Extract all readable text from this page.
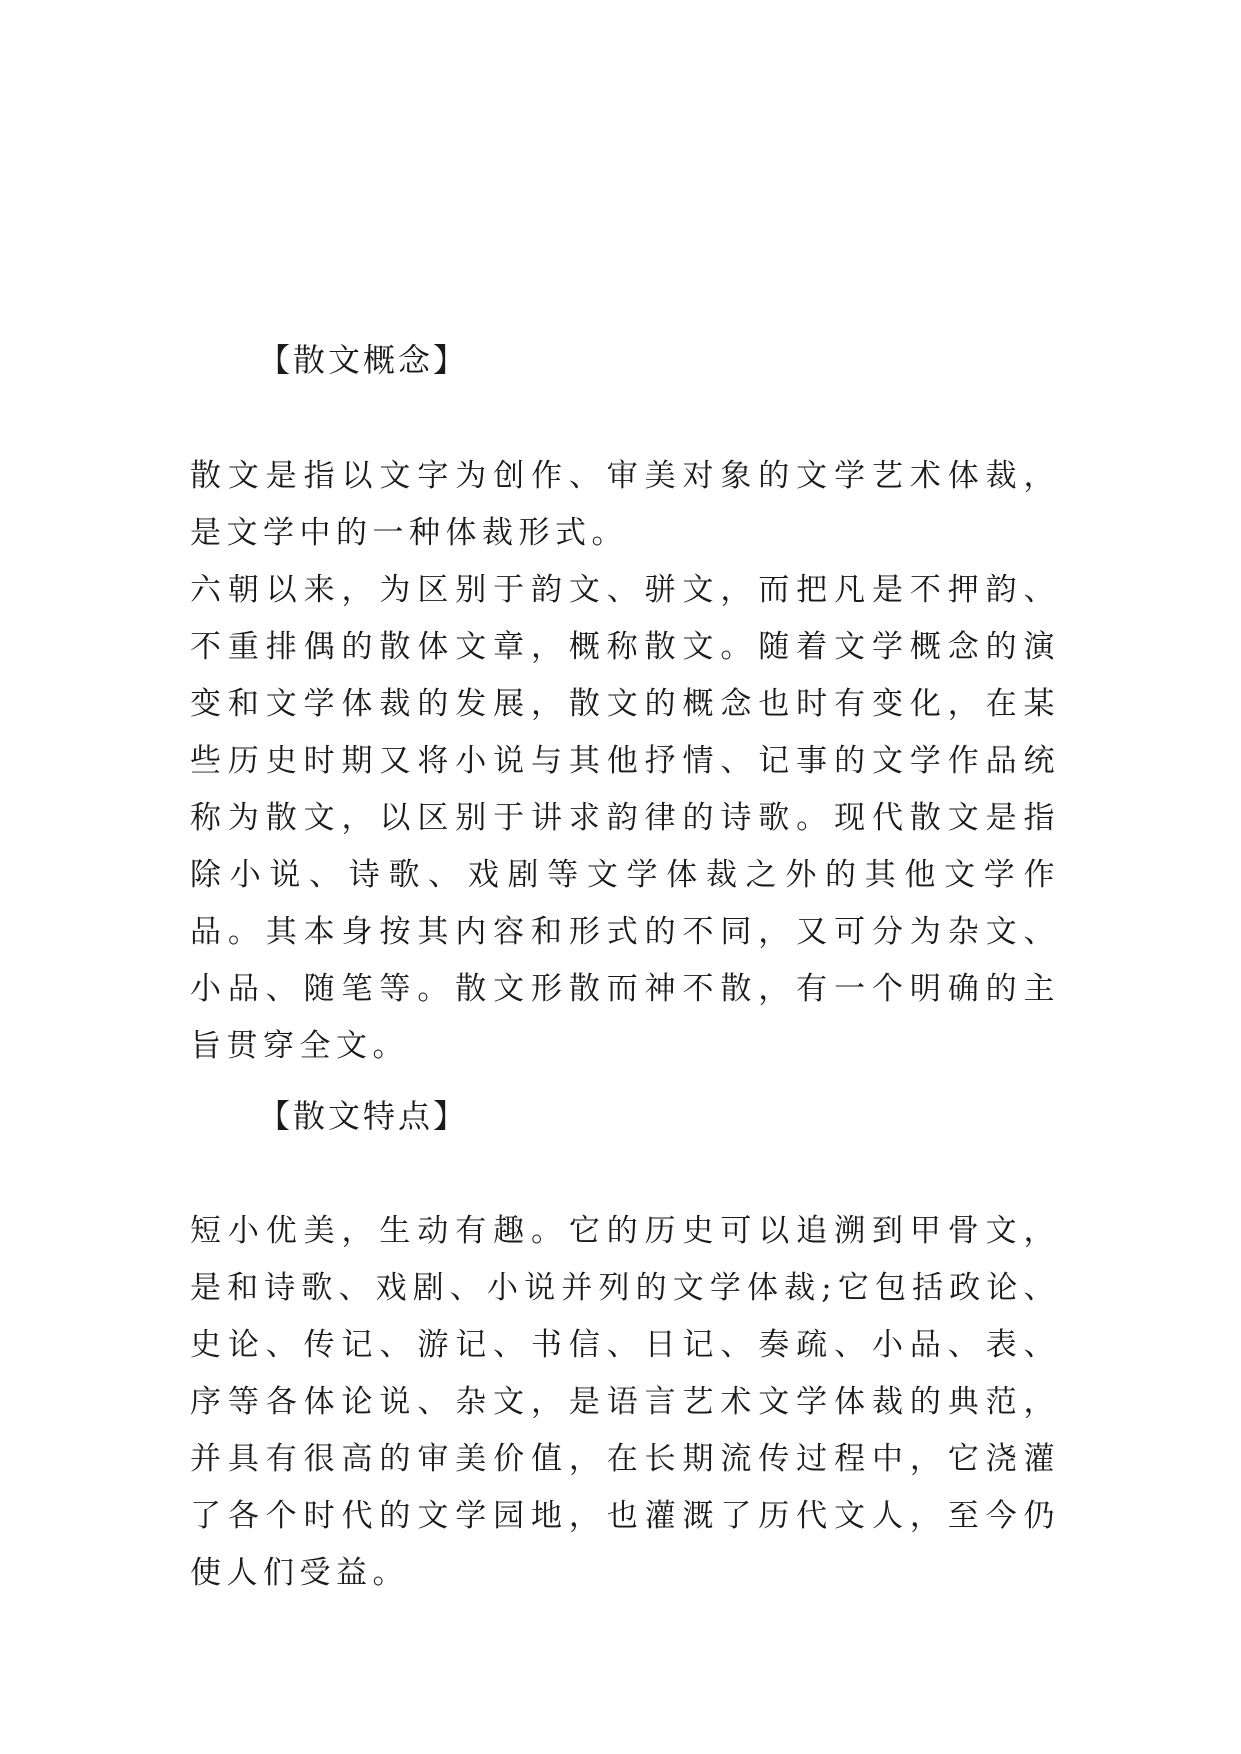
【散文概念】

散文是指以文字为创作、审美对象的文学艺术体裁，是文学中的一种体裁形式。

六朝以来，为区别于韵文、骈文，而把凡是不押韵、不重排偶的散体文章，概称散文。随着文学概念的演变和文学体裁的发展，散文的概念也时有变化，在某些历史时期又将小说与其他抒情、记事的文学作品统称为散文，以区别于讲求韵律的诗歌。现代散文是指除小说、诗歌、戏剧等文学体裁之外的其他文学作品。其本身按其内容和形式的不同，又可分为杂文、小品、随笔等。散文形散而神不散，有一个明确的主旨贯穿全文。

【散文特点】

短小优美，生动有趣。它的历史可以追溯到甲骨文，是和诗歌、戏剧、小说并列的文学体裁;它包括政论、史论、传记、游记、书信、日记、奏疏、小品、表、序等各体论说、杂文，是语言艺术文学体裁的典范，并具有很高的审美价值，在长期流传过程中，它浇灌了各个时代的文学园地，也灌溉了历代文人，至今仍使人们受益。
